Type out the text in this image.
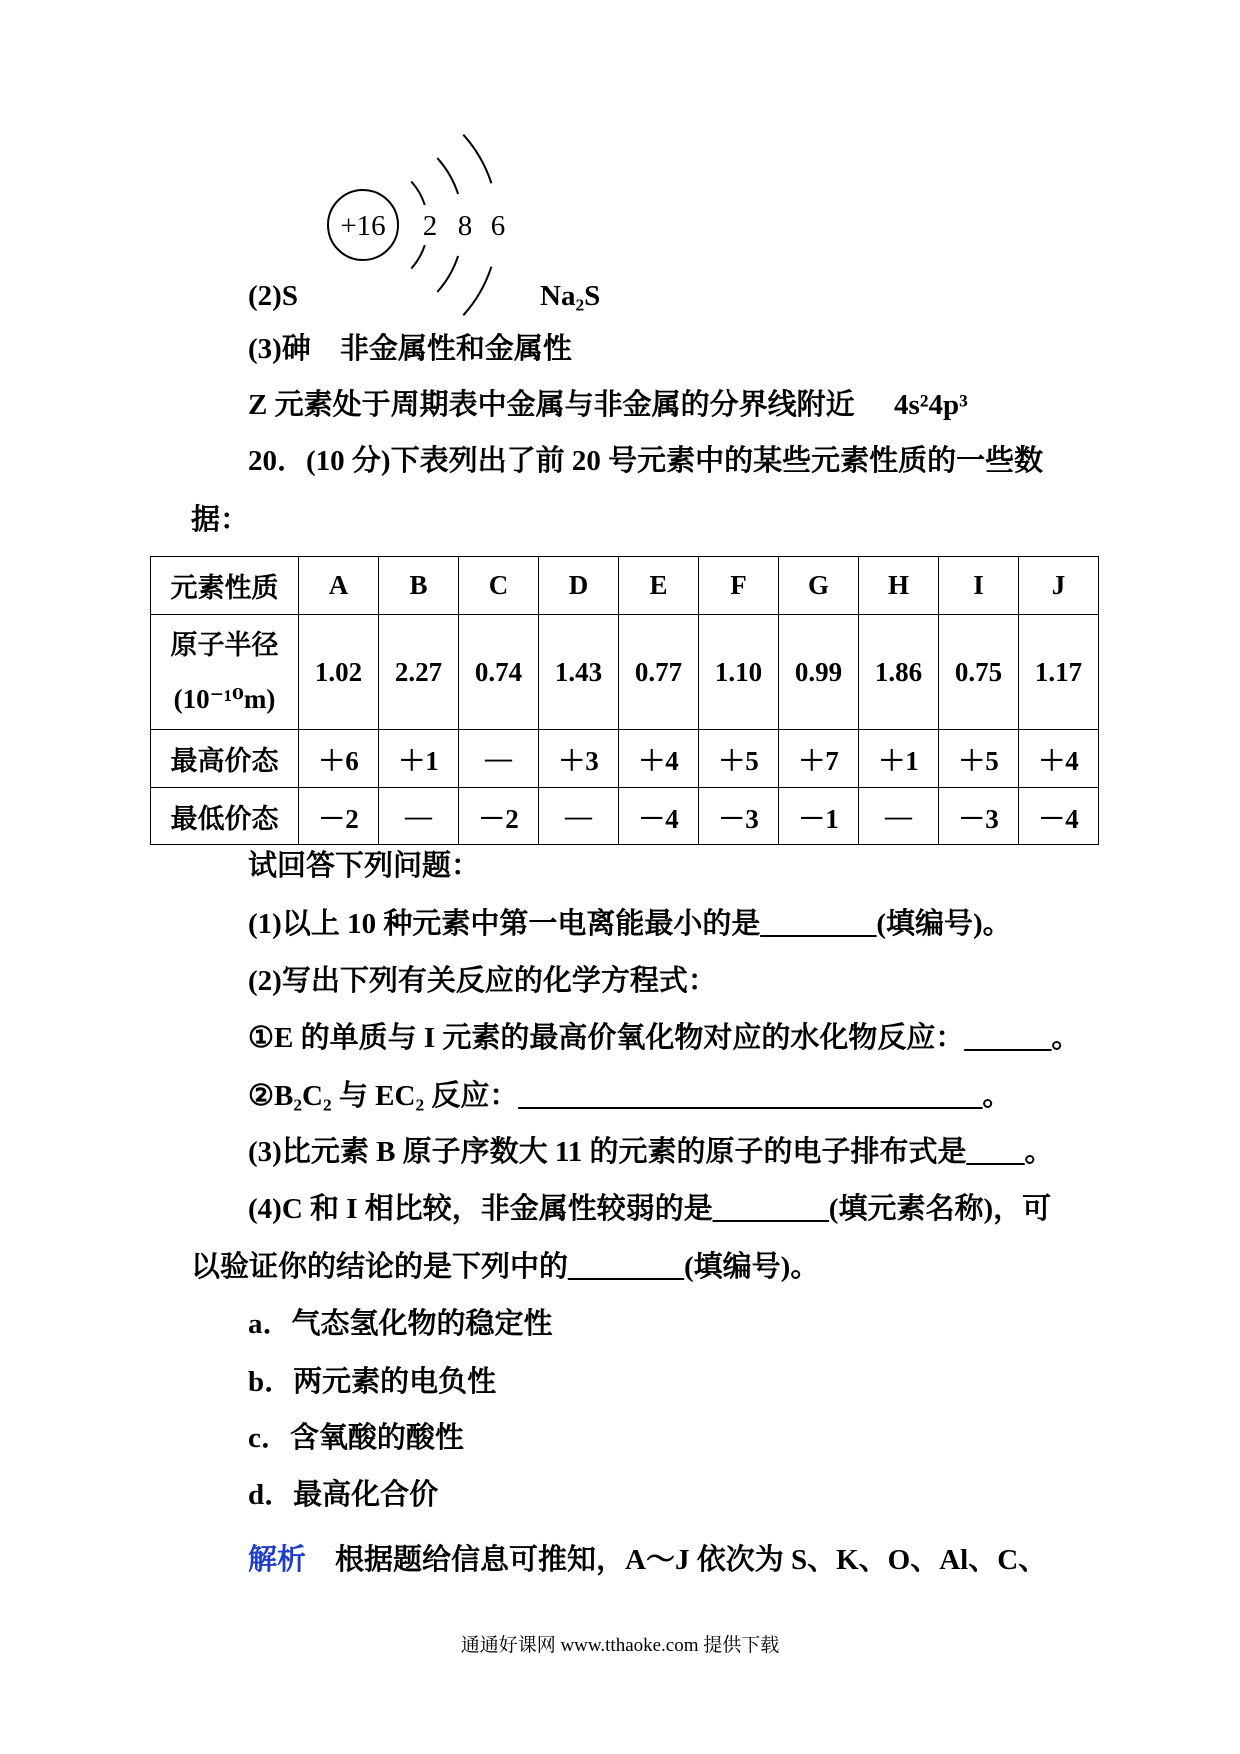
+16 2 8 6
(2)S	Na₂S
(3)砷　非金属性和金属性
Z 元素处于周期表中金属与非金属的分界线附近 4s²4p³
20．(10 分)下表列出了前 20 号元素中的某些元素性质的一些数
据：
元素性质	A	B	C	D	E	F	G	H	I	J

原子半径
(10⁻¹⁰m)	1.02	2.27	0.74	1.43	0.77	1.10	0.99	1.86	0.75	1.17
最高价态	＋6	＋1	—	＋3	＋4	＋5	＋7	＋1	＋5	＋4
最低价态	－2	—	－2	—	－4	－3	－1	—	－3	－4
试回答下列问题：
(1)以上 10 种元素中第一电离能最小的是________(填编号)。
(2)写出下列有关反应的化学方程式：
①E 的单质与 I 元素的最高价氧化物对应的水化物反应：______。
②B₂C₂ 与 EC₂ 反应：________________________________。
(3)比元素 B 原子序数大 11 的元素的原子的电子排布式是____。
(4)C 和 I 相比较，非金属性较弱的是________(填元素名称)，可
以验证你的结论的是下列中的________(填编号)。
a．气态氢化物的稳定性
b．两元素的电负性
c．含氧酸的酸性
d．最高化合价
解析 根据题给信息可推知，A～J 依次为 S、K、O、Al、C、
通通好课网 www.tthaoke.com 提供下载
